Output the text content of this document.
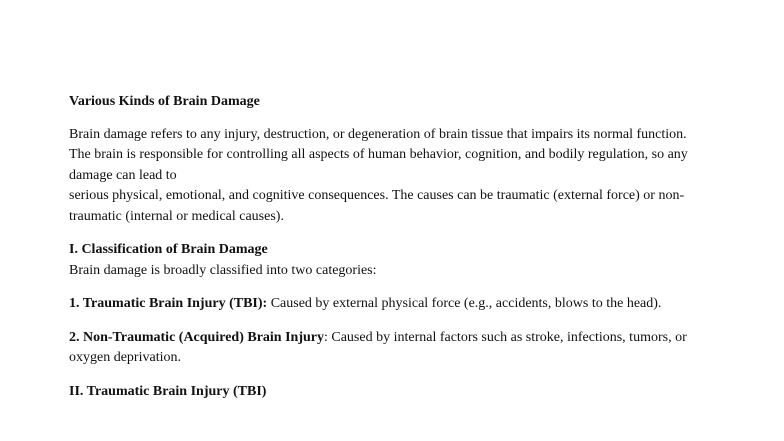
Various Kinds of Brain Damage

Brain damage refers to any injury, destruction, or degeneration of brain tissue that impairs its normal function.

The brain is responsible for controlling all aspects of human behavior, cognition, and bodily regulation, so any damage can lead to

serious physical, emotional, and cognitive consequences. The causes can be traumatic (external force) or non-traumatic (internal or medical causes).

I. Classification of Brain Damage

Brain damage is broadly classified into two categories:

1. Traumatic Brain Injury (TBI): Caused by external physical force (e.g., accidents, blows to the head).

2. Non-Traumatic (Acquired) Brain Injury: Caused by internal factors such as stroke, infections, tumors, or oxygen deprivation.

II. Traumatic Brain Injury (TBI)
